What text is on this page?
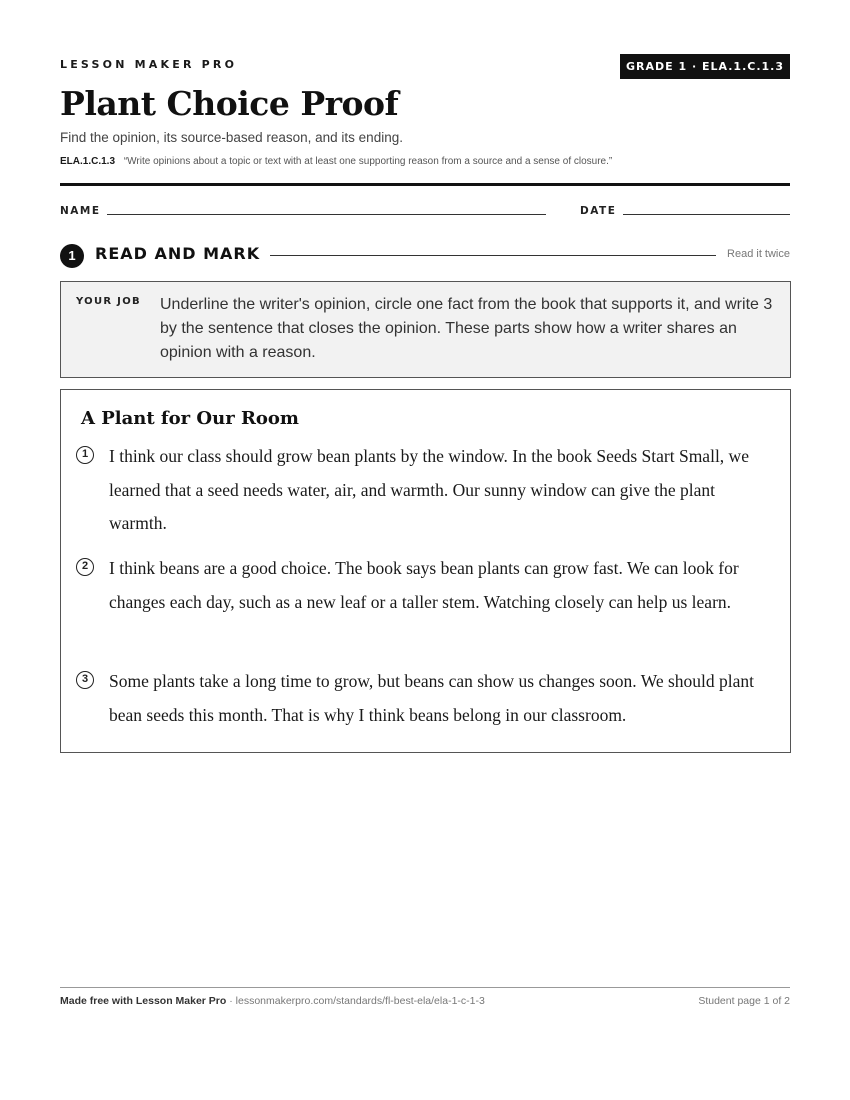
LESSON MAKER PRO	GRADE 1 · ELA.1.C.1.3
Plant Choice Proof
Find the opinion, its source-based reason, and its ending.
ELA.1.C.1.3 “Write opinions about a topic or text with at least one supporting reason from a source and a sense of closure.”
NAME	DATE
1	READ AND MARK	Read it twice
YOUR JOB Underline the writer's opinion, circle one fact from the book that supports it, and write 3 by the sentence that closes the opinion. These parts show how a writer shares an opinion with a reason.

A Plant for Our Room
1	I think our class should grow bean plants by the window. In the book Seeds Start Small, we learned that a seed needs water, air, and warmth. Our sunny window can give the plant warmth.

2	I think beans are a good choice. The book says bean plants can grow fast. We can look for changes each day, such as a new leaf or a taller stem. Watching closely can help us learn.

3	Some plants take a long time to grow, but beans can show us changes soon. We should plant bean seeds this month. That is why I think beans belong in our classroom.

Made free with Lesson Maker Pro · lessonmakerpro.com/standards/fl-best-ela/ela-1-c-1-3	Student page 1 of 2
